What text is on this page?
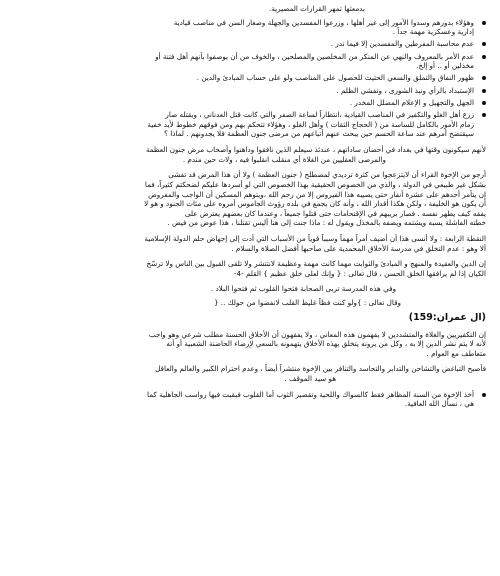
بدمعثها تمهر القرارات المصيرية.
وهؤلاء بدورهم وسدوا الأمور إلى غير أهلها ، وزرعوا المفسدين والجهلة وصغار السن في مناصب قيادية
إدارية وعسكرية مهمة جداً .
عدم محاسبة المفرطين والمفسدين إلا فيما ندر .
عدم الأمر بالمعروف والنهي عن المنكر من المخلصين والمصلحين ، والخوف من أن يوصفوا بأنهم أهل فتنة أو
مخذلين أو .. أو إلخ.
ظهور النفاق والتملق والسعي الحثيث للحصول على المناصب ولو على حساب المبادئ والدين .
الإستبداد بالرأي ونبذ الشورى ، وتفشي الظلم .
الجهل والتجهيل و الإعلام المضلل المخدر .
زرع أهل الغلو والتكفير في المناصب القيادية ،انتظاراً لساعة الصفر والتي كانت قتل العدناني ، وبقتله صار
زمام الأمور بالكامل للساسة من ( الحجاج الثقات ) وأهل الغلو ، وهؤلاء تتحكم بهم ومن فوقهم خطوط لأيد خفية
سيقتضح أمرهم عند ساعة الحسم حين يبحث عنهم أتباعهم من مرضى جنون العظمة فلا يجدونهم . لماذا ؟
لأنهم سيكونون وقتها في بغداد في أحضان ساداتهم ، عندئذ سيعلم الذين نافقوا وداهنوا وأصحاب مرض جنون العظمة
والمرضى العقليين من الغلاة أي منقلب انقلبوا فيه ، ولات حين مندم .
أرجو من الإخوة القراء أن لايتزعجوا من كثرة ترديدي لمصطلح ( جنون العظمة ) ولا أن هذا المرض قد تفشى
بشكل غير طبيعي في الدولة ، والذي من الخصوص الحقيقية بهذا الخصوص التي لو أسردها عليكم لضحكتم كثيراً، فما
إن يتأمر أحدهم على عشرة أنفار حتى يصيبه هذا الفيروس إلا من رحم الله ،ويتوهم المسكين أن الواجب والمفروض
أن يكون هو الخليفة ، ولكن هكذا أقدار الله ، وأنه كان يجمع في بلده رؤوث الجاموس أمروه على مئات الجنود و هو لا
يفقه كيف يطهر نفسه . فصار بريبهم في الإقتحامات حتى قتلوا جميعاً ، وعندما كان بعضهم يعترض على
خطته الفاشلة يسبه ويشتمه ويصفه بالمخذل ويقول له : ماذا جنت إلى هنا أليس تقتلنا ، هذا عوض من فيض .
النقطة الرابعة : ولا أنسى هذا أن أضيف أمراً مهماً وسبباً قوياً من الأسباب التي أدت إلى إجهاض حلم الدولة الإسلامية
ألا وهو : عدم التخلق في مدرسة الأخلاق المحمدية على صاحبها أفضل الصلاة والسلام .
إن الدين والعقيدة والمنهج و المبادئ والثوابت مهما كانت مهمة وعظيمة لانتتشر ولا تلقى القبول بين الناس ولا ترسّخ
الكيان إذا لم يرافقها الخلق الحسن ، قال تعالى : { وإنك لعلى خلق عظيم } القلم -4-
وفي هذه المدرسة تربى الصحابة فتحوا القلوب ثم فتحوا البلاد .
وقال تعالى : }ولو كنت فظاً غليظ القلب لانفضوا من حولك .. {
(آل عمران:159)
إن التكفيريين والغلاة والمتشددين لا يفهمون هذه المعاني ، ولا يفقهون أن الأخلاق الحسنة مطلب شرعي وهو واجب
لأنه لا يتم نشر الدين إلا به ، وكل من يرونه يتخلق بهذه الأخلاق يتهمونه بالسعي لإرضاء الحاضنة الشعبية أو أنه
متعاطف مع العوام .
فأصبح التباغض والتشاحن والتدابر والتحاسد والتنافر بين الإخوة منتشراً أيضاً ، وعدم احترام الكبير والعالم والعاقل
هو سيد الموقف .
أخذ الإخوة من السنة المظاهر فقط كالسواك واللحية وتقصير الثوب أما القلوب فبقيت فيها رواسب الجاهلية كما
هي ، نسأل الله العافية.
